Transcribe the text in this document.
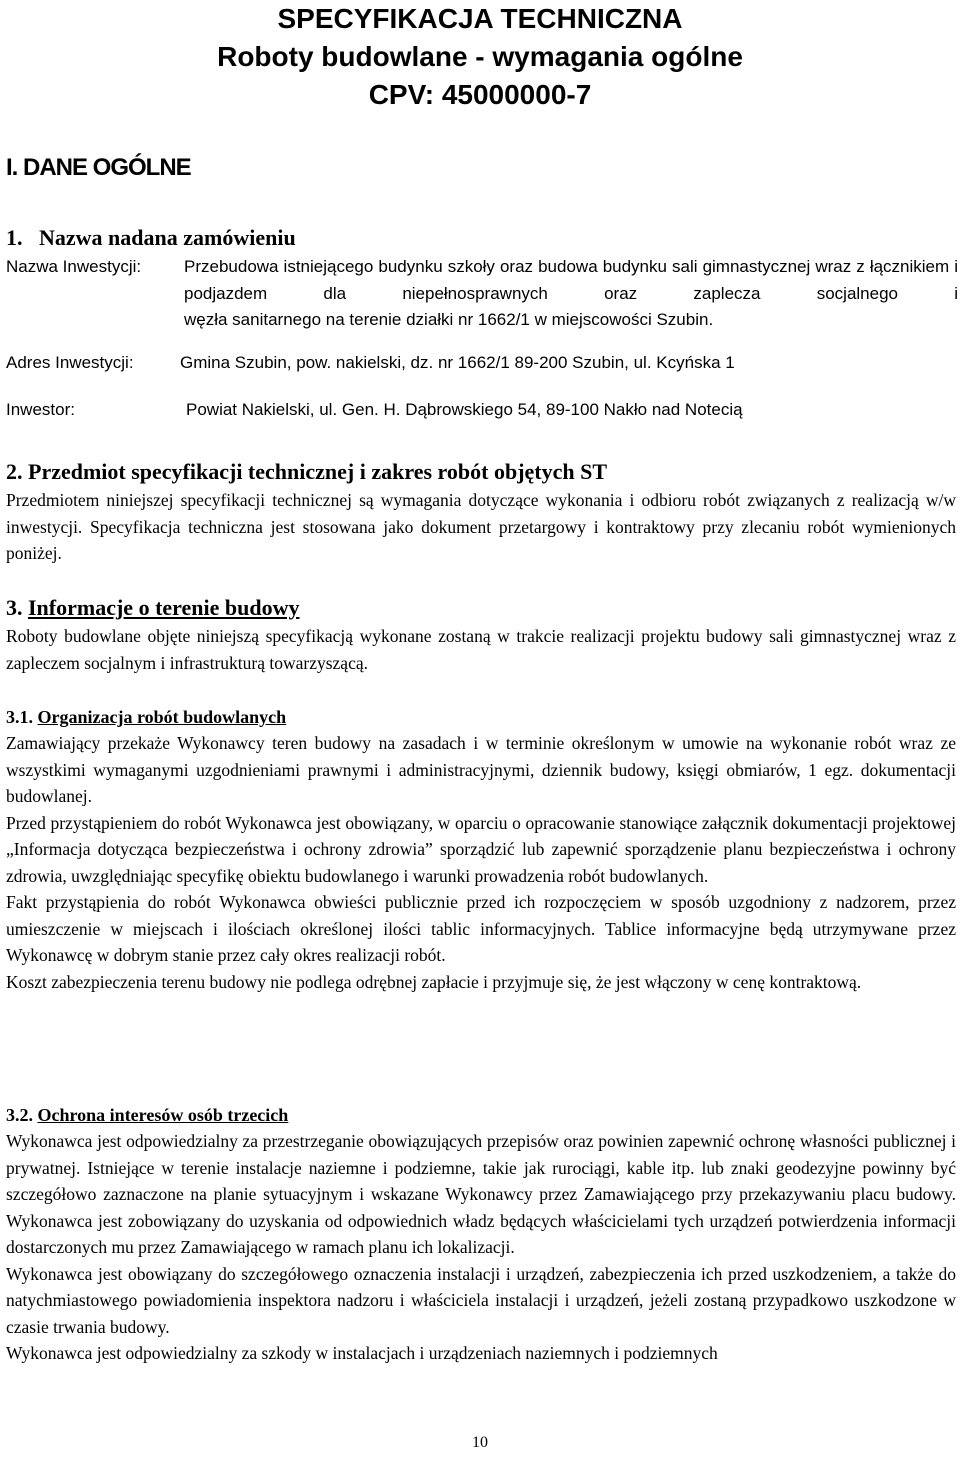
SPECYFIKACJA TECHNICZNA
Roboty budowlane - wymagania ogólne
CPV: 45000000-7
I. DANE OGÓLNE
1. Nazwa nadana zamówieniu
Nazwa Inwestycji:	Przebudowa istniejącego budynku szkoły oraz budowa budynku sali gimnastycznej wraz z łącznikiem i podjazdem dla niepełnosprawnych oraz zaplecza socjalnego i
węzła sanitarnego na terenie działki nr 1662/1 w miejscowości Szubin.
Adres Inwestycji:	Gmina Szubin, pow. nakielski, dz. nr 1662/1 89-200 Szubin, ul. Kcyńska 1
Inwestor:	Powiat Nakielski, ul. Gen. H. Dąbrowskiego 54, 89-100 Nakło nad Notecią
2. Przedmiot specyfikacji technicznej i zakres robót objętych ST

Przedmiotem niniejszej specyfikacji technicznej są wymagania dotyczące wykonania i odbioru robót związanych z realizacją w/w inwestycji. Specyfikacja techniczna jest stosowana jako dokument przetargowy i kontraktowy przy zlecaniu robót wymienionych poniżej.

3. Informacje o terenie budowy

Roboty budowlane objęte niniejszą specyfikacją wykonane zostaną w trakcie realizacji projektu budowy sali gimnastycznej wraz z zapleczem socjalnym i infrastrukturą towarzyszącą.

3.1. Organizacja robót budowlanych

Zamawiający przekaże Wykonawcy teren budowy na zasadach i w terminie określonym w umowie na wykonanie robót wraz ze wszystkimi wymaganymi uzgodnieniami prawnymi i administracyjnymi, dziennik budowy, księgi obmiarów, 1 egz. dokumentacji budowlanej.

Przed przystąpieniem do robót Wykonawca jest obowiązany, w oparciu o opracowanie stanowiące załącznik dokumentacji projektowej „Informacja dotycząca bezpieczeństwa i ochrony zdrowia” sporządzić lub zapewnić sporządzenie planu bezpieczeństwa i ochrony zdrowia, uwzględniając specyfikę obiektu budowlanego i warunki prowadzenia robót budowlanych.

Fakt przystąpienia do robót Wykonawca obwieści publicznie przed ich rozpoczęciem w sposób uzgodniony z nadzorem, przez umieszczenie w miejscach i ilościach określonej ilości tablic informacyjnych. Tablice informacyjne będą utrzymywane przez Wykonawcę w dobrym stanie przez cały okres realizacji robót.

Koszt zabezpieczenia terenu budowy nie podlega odrębnej zapłacie i przyjmuje się, że jest włączony w cenę kontraktową.

3.2. Ochrona interesów osób trzecich

Wykonawca jest odpowiedzialny za przestrzeganie obowiązujących przepisów oraz powinien zapewnić ochronę własności publicznej i prywatnej. Istniejące w terenie instalacje naziemne i podziemne, takie jak rurociągi, kable itp. lub znaki geodezyjne powinny być szczegółowo zaznaczone na planie sytuacyjnym i wskazane Wykonawcy przez Zamawiającego przy przekazywaniu placu budowy. Wykonawca jest zobowiązany do uzyskania od odpowiednich władz będących właścicielami tych urządzeń potwierdzenia informacji dostarczonych mu przez Zamawiającego w ramach planu ich lokalizacji.

Wykonawca jest obowiązany do szczegółowego oznaczenia instalacji i urządzeń, zabezpieczenia ich przed uszkodzeniem, a także do natychmiastowego powiadomienia inspektora nadzoru i właściciela instalacji i urządzeń, jeżeli zostaną przypadkowo uszkodzone w czasie trwania budowy.

Wykonawca jest odpowiedzialny za szkody w instalacjach i urządzeniach naziemnych i podziemnych

10
